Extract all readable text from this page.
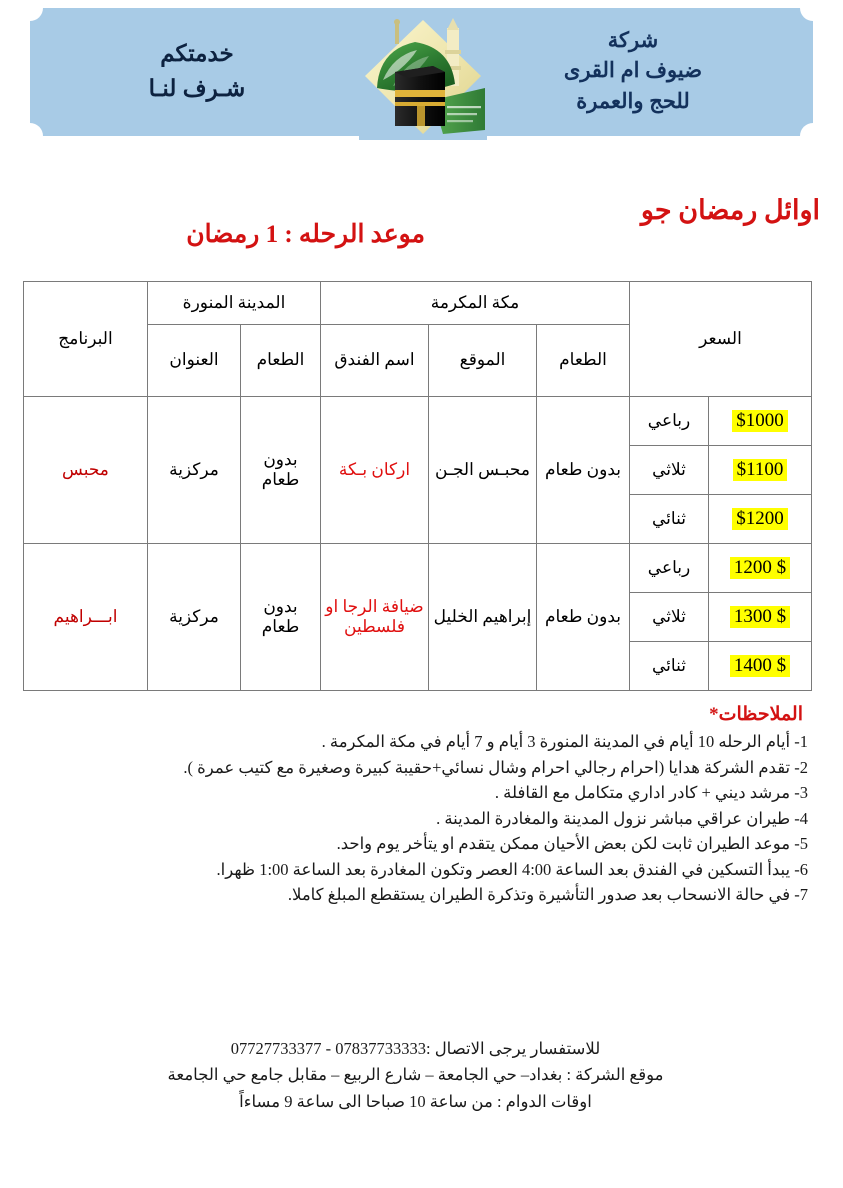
شركة
ضيوف ام القرى
للحج والعمرة
خدمتكم
شـرف لنـا
اوائل رمضان جو
موعد الرحله : 1 رمضان
السعر		مكة المكرمة			المدينة المنورة		البرنامج
		الطعام	الموقع	اسم الفندق	الطعام	العنوان	
$1000	رباعي	بدون طعام	محبـس الجـن	اركان بـكة	بدون طعام	مركزية	محبس
$1100	ثلاثي						
$1200	ثنائي						
$ 1200	رباعي	بدون طعام	إبراهيم الخليل	ضيافة الرجا او فلسطين	بدون طعام	مركزية	ابـــراهيم
$ 1300	ثلاثي						
$ 1400	ثنائي						
الملاحظات*
1- أيام الرحله 10 أيام في المدينة المنورة 3 أيام و 7 أيام في مكة المكرمة .
2- تقدم الشركة هدايا (احرام رجالي احرام وشال نسائي+حقيبة كبيرة وصغيرة مع كتيب عمرة ).
3- مرشد ديني + كادر اداري متكامل مع القافلة .
4- طيران عراقي مباشر نزول المدينة والمغادرة المدينة .
5- موعد الطيران ثابت لكن بعض الأحيان ممكن يتقدم او يتأخر يوم واحد.
6- يبدأ التسكين في الفندق بعد الساعة 4:00 العصر وتكون المغادرة بعد الساعة 1:00 ظهرا.
7- في حالة الانسحاب بعد صدور التأشيرة وتذكرة الطيران يستقطع المبلغ كاملا.
للاستفسار يرجى الاتصال :07837733333 - 07727733377
موقع الشركة : بغداد– حي الجامعة – شارع الربيع – مقابل جامع حي الجامعة
اوقات الدوام : من ساعة 10 صباحا الى ساعة 9 مساءاً
